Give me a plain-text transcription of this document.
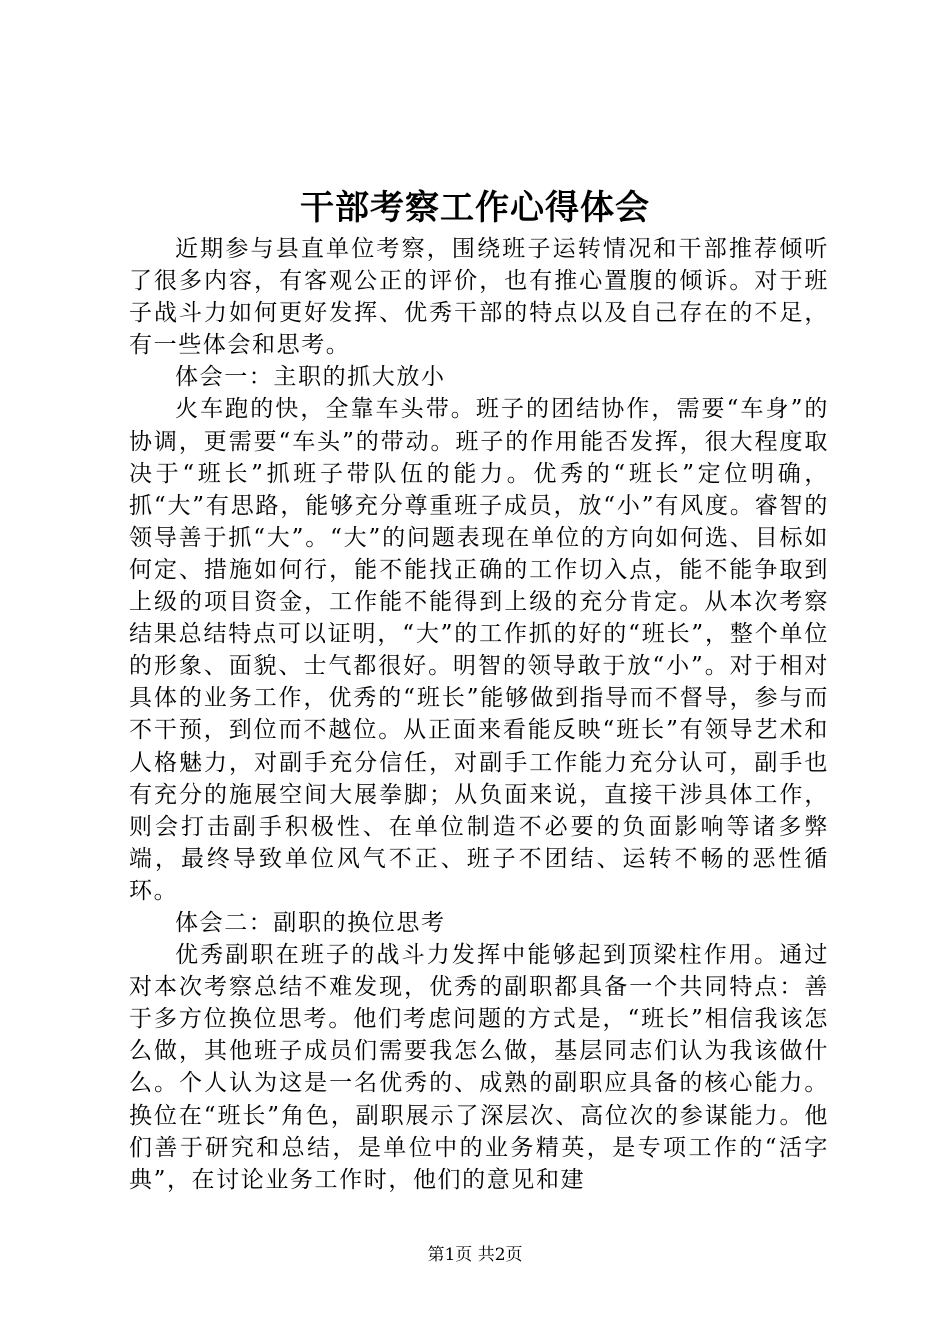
干部考察工作心得体会

近期参与县直单位考察，围绕班子运转情况和干部推荐倾听了很多内容，有客观公正的评价，也有推心置腹的倾诉。对于班子战斗力如何更好发挥、优秀干部的特点以及自己存在的不足，有一些体会和思考。

体会一：主职的抓大放小

火车跑的快，全靠车头带。班子的团结协作，需要“车身”的协调，更需要“车头”的带动。班子的作用能否发挥，很大程度取决于“班长”抓班子带队伍的能力。优秀的“班长”定位明确，抓“大”有思路，能够充分尊重班子成员，放“小”有风度。睿智的领导善于抓“大”。“大”的问题表现在单位的方向如何选、目标如何定、措施如何行，能不能找正确的工作切入点，能不能争取到上级的项目资金，工作能不能得到上级的充分肯定。从本次考察结果总结特点可以证明，“大”的工作抓的好的“班长”，整个单位的形象、面貌、士气都很好。明智的领导敢于放“小”。对于相对具体的业务工作，优秀的“班长”能够做到指导而不督导，参与而不干预，到位而不越位。从正面来看能反映“班长”有领导艺术和人格魅力，对副手充分信任，对副手工作能力充分认可，副手也有充分的施展空间大展拳脚；从负面来说，直接干涉具体工作，则会打击副手积极性、在单位制造不必要的负面影响等诸多弊端，最终导致单位风气不正、班子不团结、运转不畅的恶性循环。

体会二：副职的换位思考

优秀副职在班子的战斗力发挥中能够起到顶梁柱作用。通过对本次考察总结不难发现，优秀的副职都具备一个共同特点：善于多方位换位思考。他们考虑问题的方式是，“班长”相信我该怎么做，其他班子成员们需要我怎么做，基层同志们认为我该做什么。个人认为这是一名优秀的、成熟的副职应具备的核心能力。换位在“班长”角色，副职展示了深层次、高位次的参谋能力。他们善于研究和总结，是单位中的业务精英，是专项工作的“活字典”，在讨论业务工作时，他们的意见和建

第1页 共2页
